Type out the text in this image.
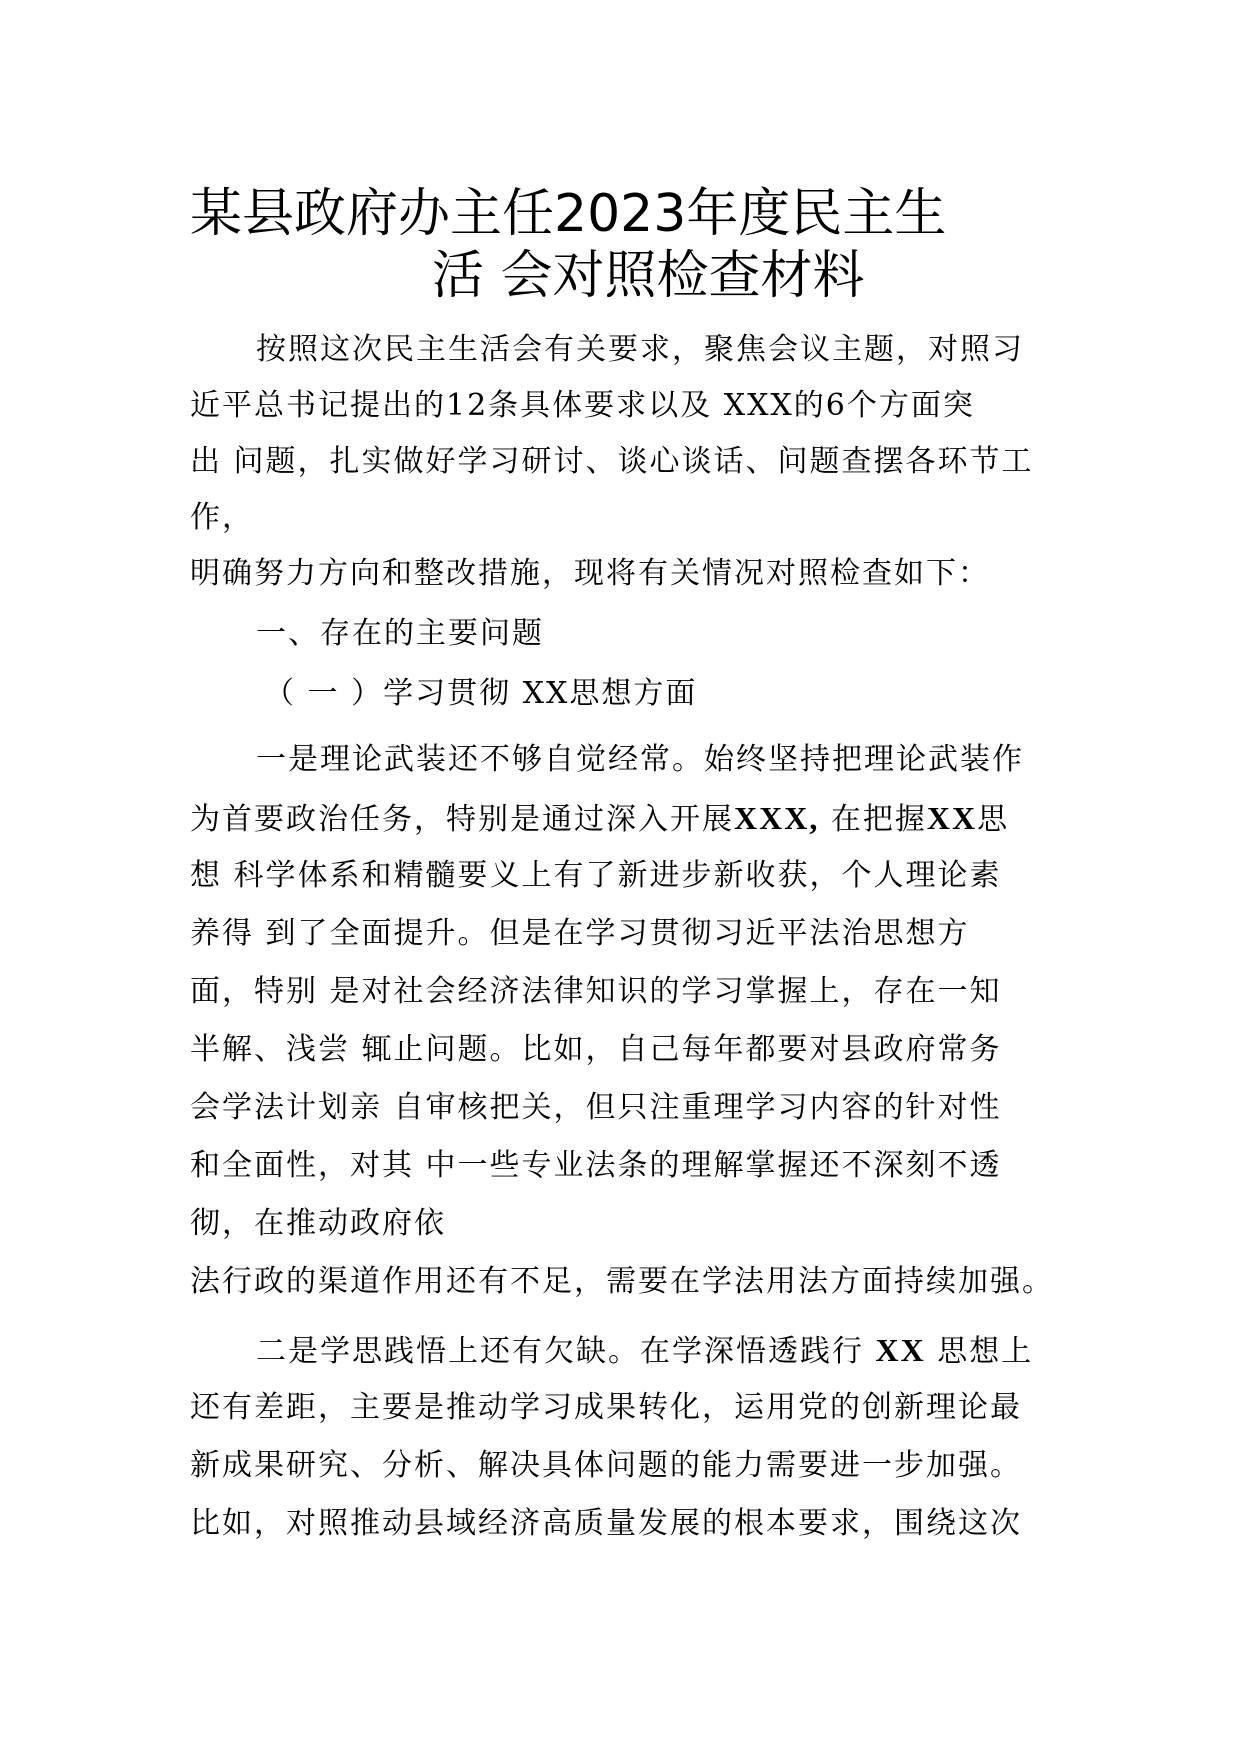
某县政府办主任2023年度民主生
活 会对照检查材料
按照这次民主生活会有关要求，聚焦会议主题，对照习
近平总书记提出的12条具体要求以及 XXX的6个方面突
出 问题，扎实做好学习研讨、谈心谈话、问题查摆各环节工
作，
明确努力方向和整改措施，现将有关情况对照检查如下：
一、存在的主要问题
（ 一 ）学习贯彻 XX思想方面
一是理论武装还不够自觉经常。始终坚持把理论武装作
为首要政治任务，特别是通过深入开展XXX, 在把握XX思
想 科学体系和精髓要义上有了新进步新收获，个人理论素
养得 到了全面提升。但是在学习贯彻习近平法治思想方
面，特别 是对社会经济法律知识的学习掌握上，存在一知
半解、浅尝 辄止问题。比如，自己每年都要对县政府常务
会学法计划亲 自审核把关，但只注重理学习内容的针对性
和全面性，对其 中一些专业法条的理解掌握还不深刻不透
彻，在推动政府依
法行政的渠道作用还有不足，需要在学法用法方面持续加强。
二是学思践悟上还有欠缺。在学深悟透践行 XX 思想上
还有差距，主要是推动学习成果转化，运用党的创新理论最
新成果研究、分析、解决具体问题的能力需要进一步加强。
比如，对照推动县域经济高质量发展的根本要求，围绕这次
